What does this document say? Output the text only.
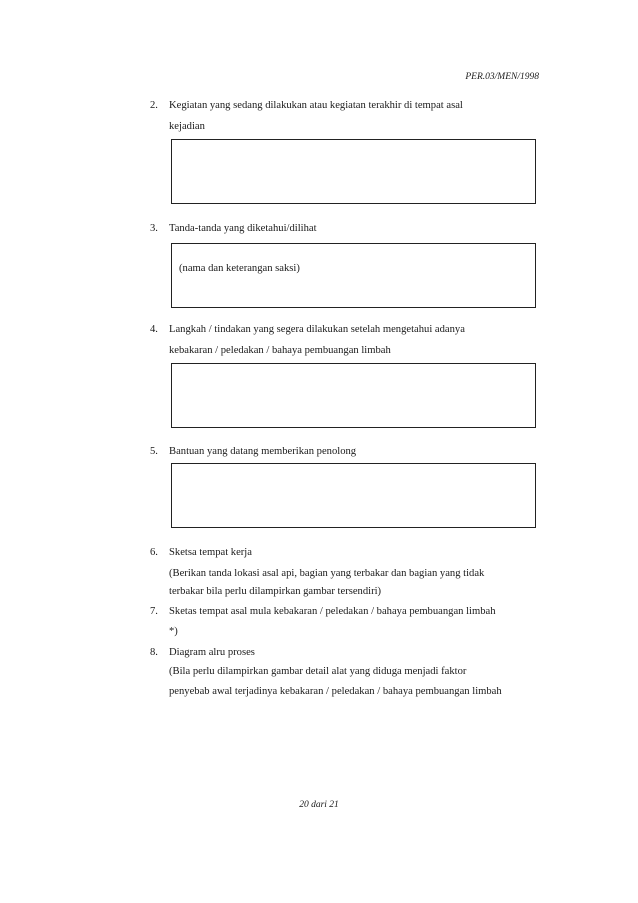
PER.03/MEN/1998
2. Kegiatan yang sedang dilakukan atau kegiatan terakhir di tempat asal
kejadian
3. Tanda-tanda yang diketahui/dilihat
(nama dan keterangan saksi)
4. Langkah / tindakan yang segera dilakukan setelah mengetahui adanya
kebakaran / peledakan / bahaya pembuangan limbah
5. Bantuan yang datang memberikan penolong
6. Sketsa tempat kerja
(Berikan tanda lokasi asal api, bagian yang terbakar dan bagian yang tidak
terbakar bila perlu dilampirkan gambar tersendiri)
7. Sketas tempat asal mula kebakaran / peledakan / bahaya pembuangan limbah
*)
8. Diagram alru proses
(Bila perlu dilampirkan gambar detail alat yang diduga menjadi faktor
penyebab awal terjadinya kebakaran / peledakan / bahaya pembuangan limbah
20 dari 21
